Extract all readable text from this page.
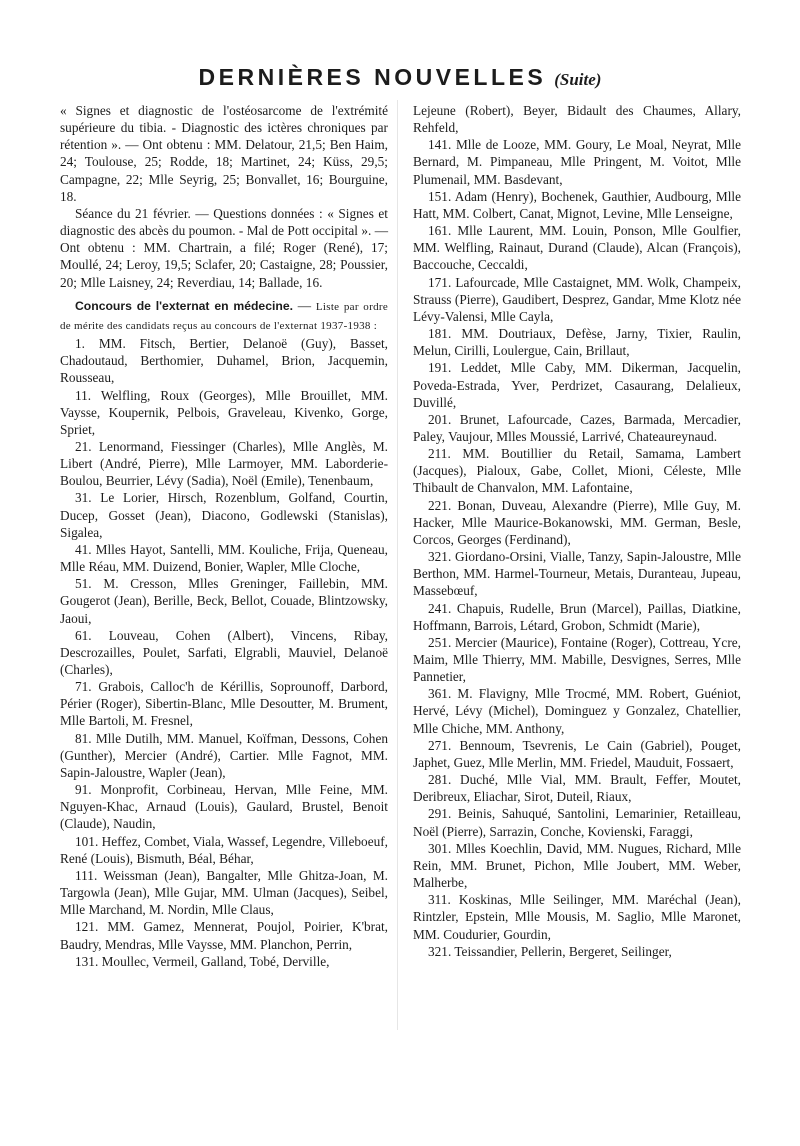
DERNIÈRES NOUVELLES (Suite)

« Signes et diagnostic de l'ostéosarcome de l'extrémité supérieure du tibia. - Diagnostic des ictères chroniques par rétention ». — Ont obtenu : MM. Delatour, 21,5; Ben Haim, 24; Toulouse, 25; Rodde, 18; Martinet, 24; Küss, 29,5; Campagne, 22; Mlle Seyrig, 25; Bonvallet, 16; Bourguine, 18.

Séance du 21 février. — Questions données : « Signes et diagnostic des abcès du poumon. - Mal de Pott occipital ». — Ont obtenu : MM. Chartrain, a filé; Roger (René), 17; Moullé, 24; Leroy, 19,5; Sclafer, 20; Castaigne, 28; Poussier, 20; Mlle Laisney, 24; Reverdiau, 14; Ballade, 16.

Concours de l'externat en médecine. — Liste par ordre de mérite des candidats reçus au concours de l'externat 1937-1938 :

1. MM. Fitsch, Bertier, Delanoë (Guy), Basset, Chadoutaud, Berthomier, Duhamel, Brion, Jacquemin, Rousseau,

11. Welfling, Roux (Georges), Mlle Brouillet, MM. Vaysse, Koupernik, Pelbois, Graveleau, Kivenko, Gorge, Spriet,

21. Lenormand, Fiessinger (Charles), Mlle Anglès, M. Libert (André, Pierre), Mlle Larmoyer, MM. Laborderie-Boulou, Beurrier, Lévy (Sadia), Noël (Emile), Tenenbaum,

31. Le Lorier, Hirsch, Rozenblum, Golfand, Courtin, Ducep, Gosset (Jean), Diacono, Godlewski (Stanislas), Sigalea,

41. Mlles Hayot, Santelli, MM. Kouliche, Frija, Queneau, Mlle Réau, MM. Duizend, Bonier, Wapler, Mlle Cloche,

51. M. Cresson, Mlles Greninger, Faillebin, MM. Gougerot (Jean), Berille, Beck, Bellot, Couade, Blintzowsky, Jaoui,

61. Louveau, Cohen (Albert), Vincens, Ribay, Descrozailles, Poulet, Sarfati, Elgrabli, Mauviel, Delanoë (Charles),

71. Grabois, Calloc'h de Kérillis, Soprounoff, Darbord, Périer (Roger), Sibertin-Blanc, Mlle Desoutter, M. Brument, Mlle Bartoli, M. Fresnel,

81. Mlle Dutilh, MM. Manuel, Koïfman, Dessons, Cohen (Gunther), Mercier (André), Cartier. Mlle Fagnot, MM. Sapin-Jaloustre, Wapler (Jean),

91. Monprofit, Corbineau, Hervan, Mlle Feine, MM. Nguyen-Khac, Arnaud (Louis), Gaulard, Brustel, Benoit (Claude), Naudin,

101. Heffez, Combet, Viala, Wassef, Legendre, Villeboeuf, René (Louis), Bismuth, Béal, Béhar,

111. Weissman (Jean), Bangalter, Mlle Ghitza-Joan, M. Targowla (Jean), Mlle Gujar, MM. Ulman (Jacques), Seibel, Mlle Marchand, M. Nordin, Mlle Claus,

121. MM. Gamez, Mennerat, Poujol, Poirier, K'brat, Baudry, Mendras, Mlle Vaysse, MM. Planchon, Perrin,

131. Moullec, Vermeil, Galland, Tobé, Derville,

Lejeune (Robert), Beyer, Bidault des Chaumes, Allary, Rehfeld,

141. Mlle de Looze, MM. Goury, Le Moal, Neyrat, Mlle Bernard, M. Pimpaneau, Mlle Pringent, M. Voitot, Mlle Plumenail, MM. Basdevant,

151. Adam (Henry), Bochenek, Gauthier, Audbourg, Mlle Hatt, MM. Colbert, Canat, Mignot, Levine, Mlle Lenseigne,

161. Mlle Laurent, MM. Louin, Ponson, Mlle Goulfier, MM. Welfling, Rainaut, Durand (Claude), Alcan (François), Baccouche, Ceccaldi,

171. Lafourcade, Mlle Castaignet, MM. Wolk, Champeix, Strauss (Pierre), Gaudibert, Desprez, Gandar, Mme Klotz née Lévy-Valensi, Mlle Cayla,

181. MM. Doutriaux, Defèse, Jarny, Tixier, Raulin, Melun, Cirilli, Loulergue, Cain, Brillaut,

191. Leddet, Mlle Caby, MM. Dikerman, Jacquelin, Poveda-Estrada, Yver, Perdrizet, Casaurang, Delalieux, Duvillé,

201. Brunet, Lafourcade, Cazes, Barmada, Mercadier, Paley, Vaujour, Mlles Moussié, Larrivé, Chateaureynaud.

211. MM. Boutillier du Retail, Samama, Lambert (Jacques), Pialoux, Gabe, Collet, Mioni, Céleste, Mlle Thibault de Chanvalon, MM. Lafontaine,

221. Bonan, Duveau, Alexandre (Pierre), Mlle Guy, M. Hacker, Mlle Maurice-Bokanowski, MM. German, Besle, Corcos, Georges (Ferdinand),

321. Giordano-Orsini, Vialle, Tanzy, Sapin-Jaloustre, Mlle Berthon, MM. Harmel-Tourneur, Metais, Duranteau, Jupeau, Massebœuf,

241. Chapuis, Rudelle, Brun (Marcel), Paillas, Diatkine, Hoffmann, Barrois, Létard, Grobon, Schmidt (Marie),

251. Mercier (Maurice), Fontaine (Roger), Cottreau, Ycre, Maim, Mlle Thierry, MM. Mabille, Desvignes, Serres, Mlle Pannetier,

361. M. Flavigny, Mlle Trocmé, MM. Robert, Guéniot, Hervé, Lévy (Michel), Dominguez y Gonzalez, Chatellier, Mlle Chiche, MM. Anthony,

271. Bennoum, Tsevrenis, Le Cain (Gabriel), Pouget, Japhet, Guez, Mlle Merlin, MM. Friedel, Mauduit, Fossaert,

281. Duché, Mlle Vial, MM. Brault, Feffer, Moutet, Deribreux, Eliachar, Sirot, Duteil, Riaux,

291. Beinis, Sahuqué, Santolini, Lemarinier, Retailleau, Noël (Pierre), Sarrazin, Conche, Kovienski, Faraggi,

301. Mlles Koechlin, David, MM. Nugues, Richard, Mlle Rein, MM. Brunet, Pichon, Mlle Joubert, MM. Weber, Malherbe,

311. Koskinas, Mlle Seilinger, MM. Maréchal (Jean), Rintzler, Epstein, Mlle Mousis, M. Saglio, Mlle Maronet, MM. Coudurier, Gourdin,

321. Teissandier, Pellerin, Bergeret, Seilinger,
